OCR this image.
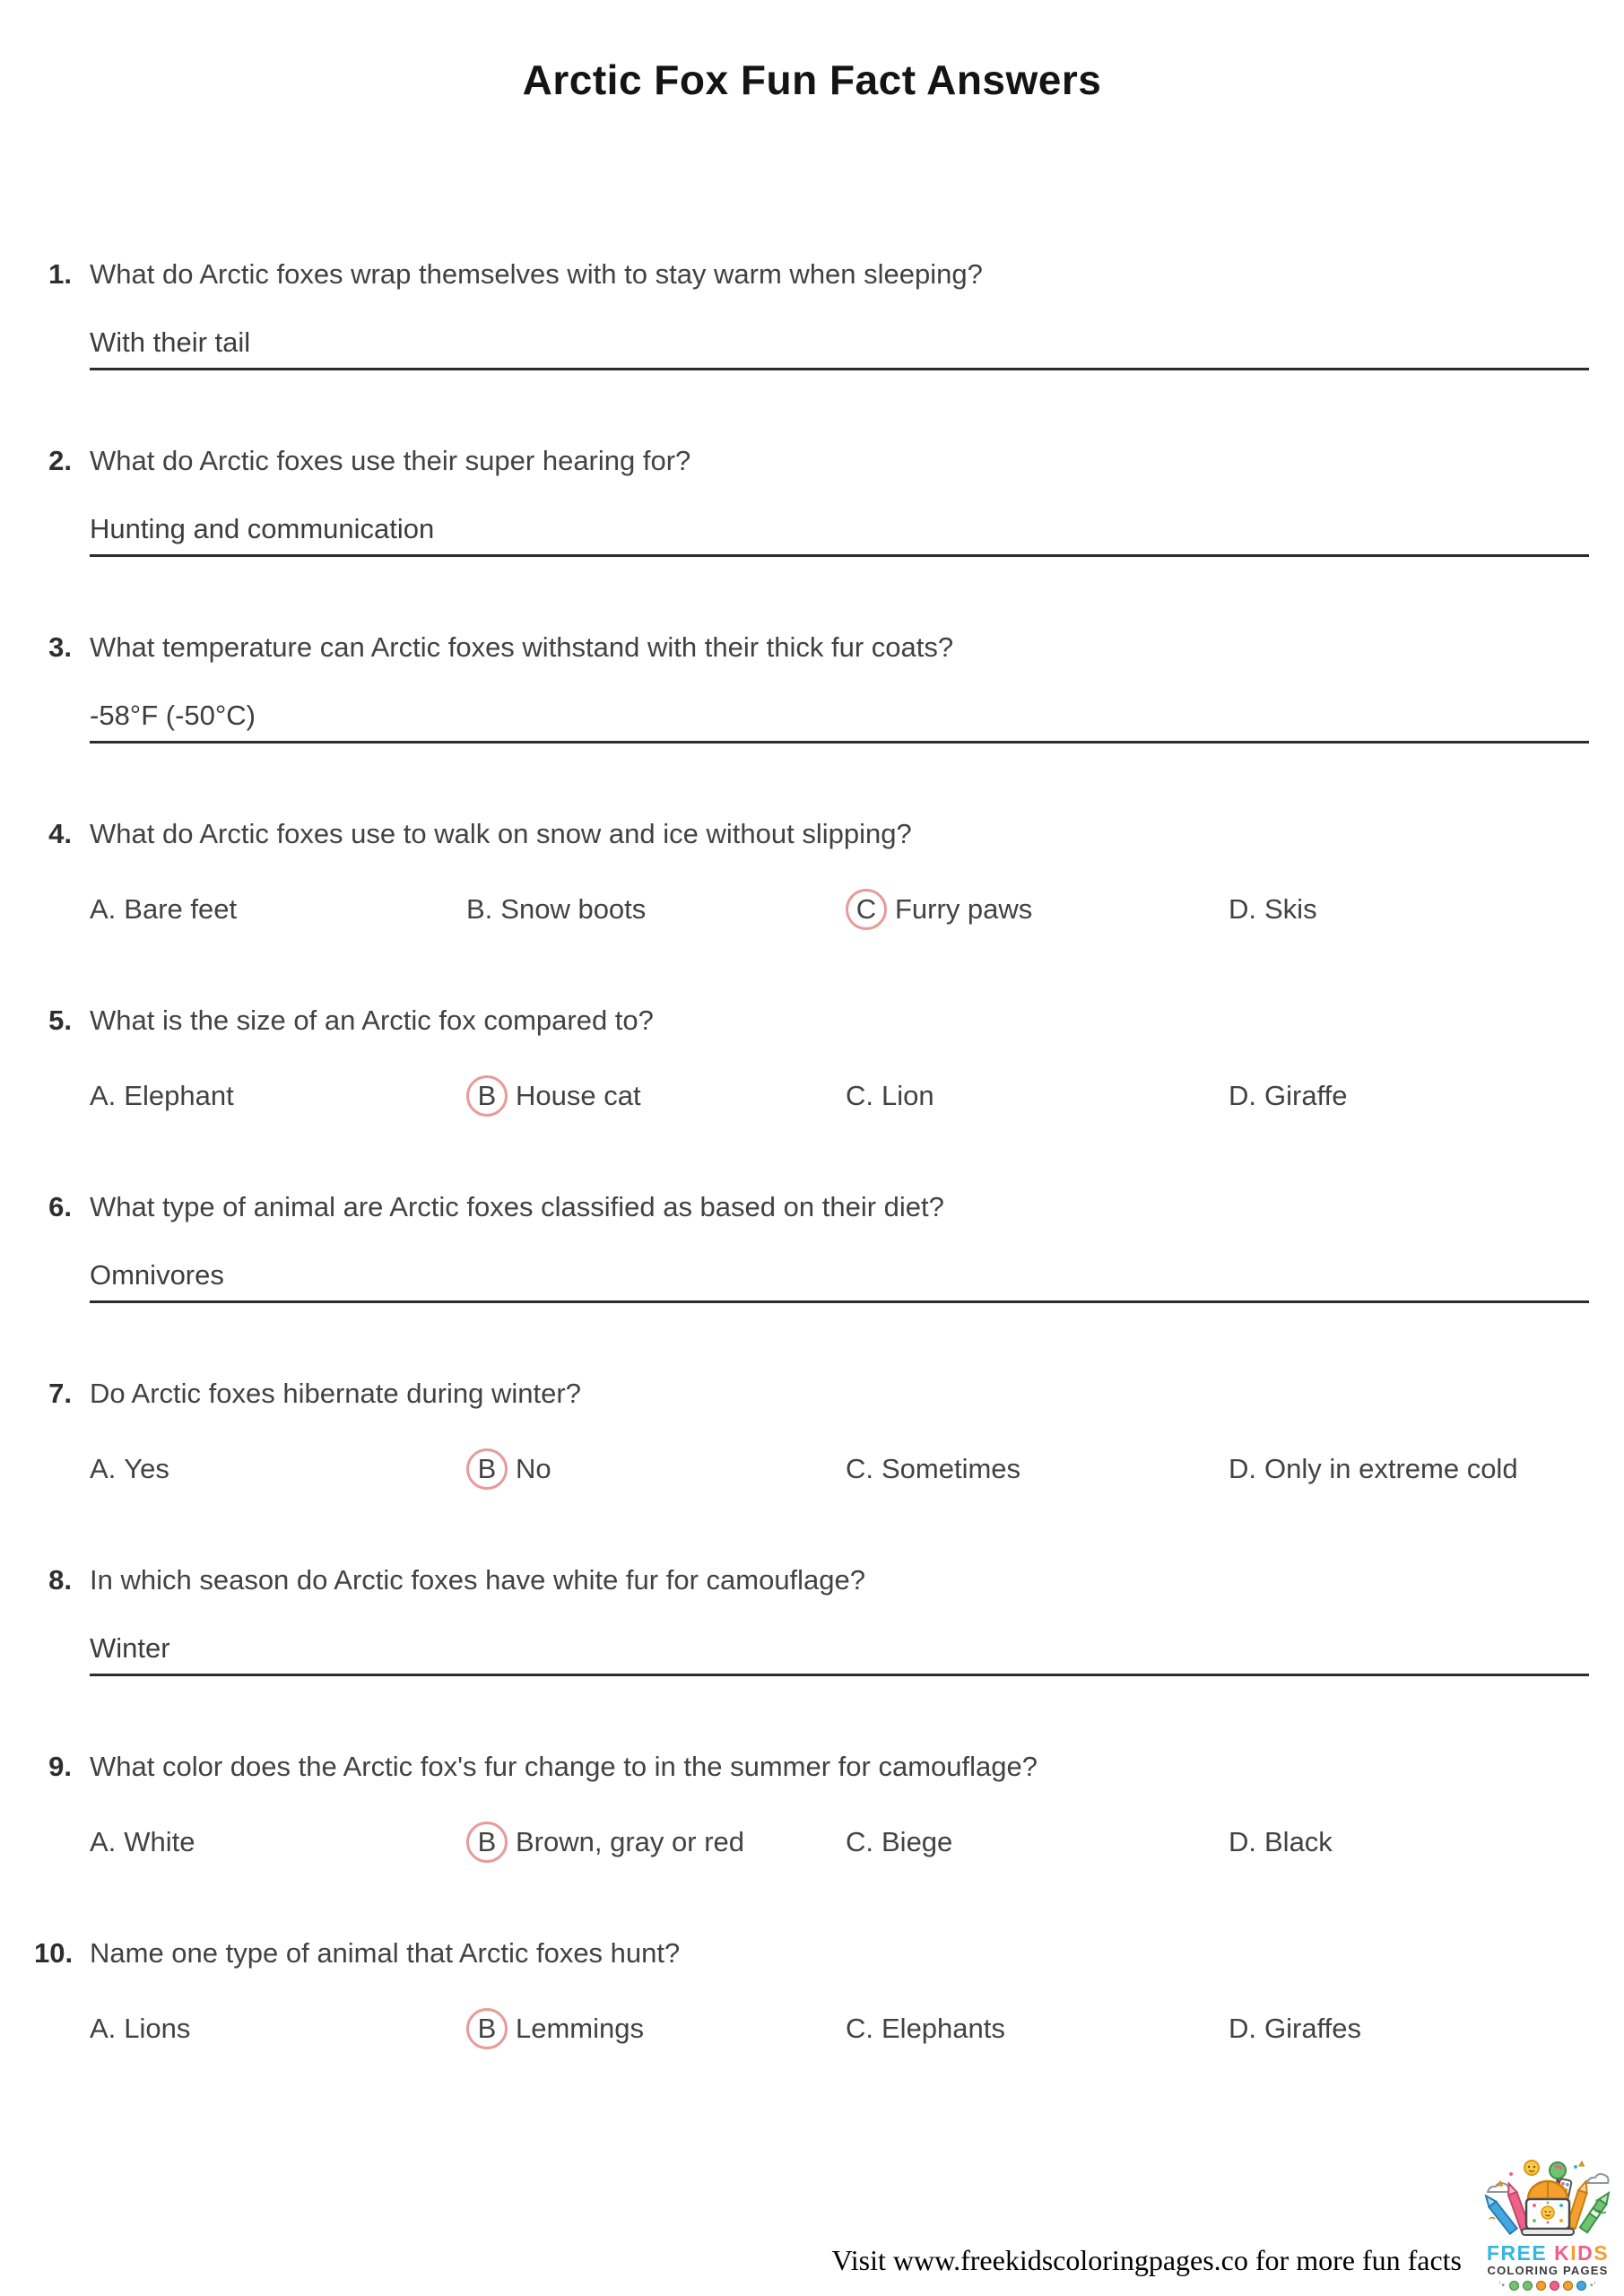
Arctic Fox Fun Fact Answers
1. What do Arctic foxes wrap themselves with to stay warm when sleeping?
With their tail
2. What do Arctic foxes use their super hearing for?
Hunting and communication
3. What temperature can Arctic foxes withstand with their thick fur coats?
-58°F (-50°C)
4. What do Arctic foxes use to walk on snow and ice without slipping?
A. Bare feet	B. Snow boots	C Furry paws	D. Skis
5. What is the size of an Arctic fox compared to?
A. Elephant	B House cat	C. Lion	D. Giraffe
6. What type of animal are Arctic foxes classified as based on their diet?
Omnivores
7. Do Arctic foxes hibernate during winter?
A. Yes	B No	C. Sometimes	D. Only in extreme cold
8. In which season do Arctic foxes have white fur for camouflage?
Winter
9. What color does the Arctic fox's fur change to in the summer for camouflage?
A. White	B Brown, gray or red	C. Biege	D. Black
10. Name one type of animal that Arctic foxes hunt?
A. Lions	B Lemmings	C. Elephants	D. Giraffes
Visit www.freekidscoloringpages.co for more fun facts	FREE KIDS
COLORING PAGES
'•	•'
